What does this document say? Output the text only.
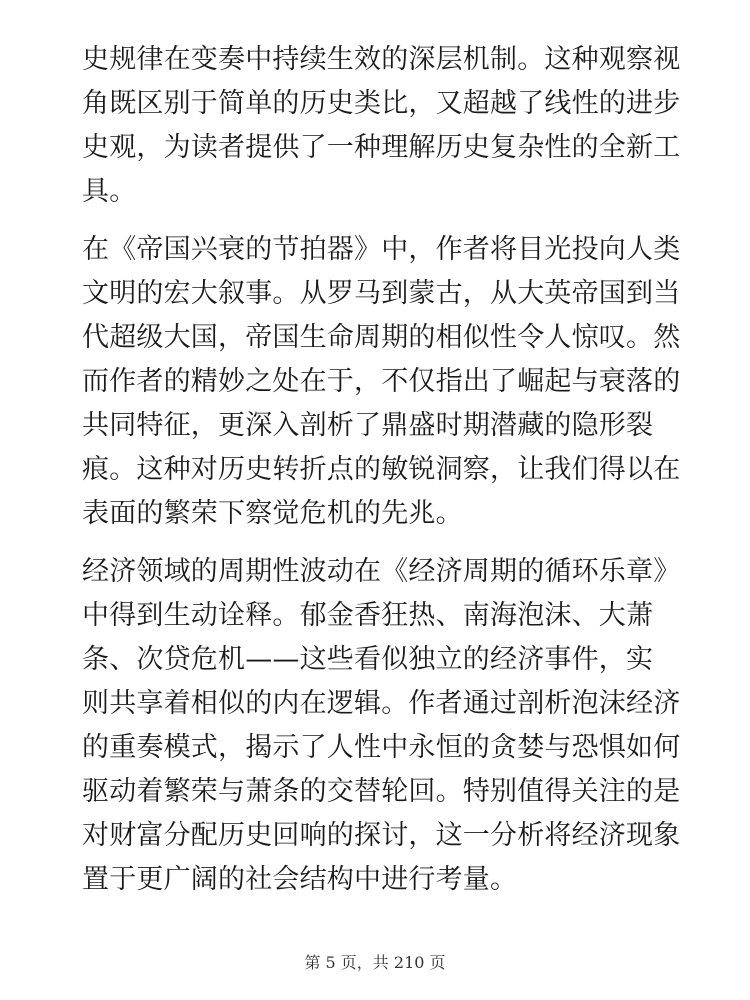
史规律在变奏中持续生效的深层机制。这种观察视
角既区别于简单的历史类比，又超越了线性的进步
史观，为读者提供了一种理解历史复杂性的全新工
具。

在《帝国兴衰的节拍器》中，作者将目光投向人类
文明的宏大叙事。从罗马到蒙古，从大英帝国到当
代超级大国，帝国生命周期的相似性令人惊叹。然
而作者的精妙之处在于，不仅指出了崛起与衰落的
共同特征，更深入剖析了鼎盛时期潜藏的隐形裂
痕。这种对历史转折点的敏锐洞察，让我们得以在
表面的繁荣下察觉危机的先兆。

经济领域的周期性波动在《经济周期的循环乐章》
中得到生动诠释。郁金香狂热、南海泡沫、大萧
条、次贷危机——这些看似独立的经济事件，实
则共享着相似的内在逻辑。作者通过剖析泡沫经济
的重奏模式，揭示了人性中永恒的贪婪与恐惧如何
驱动着繁荣与萧条的交替轮回。特别值得关注的是
对财富分配历史回响的探讨，这一分析将经济现象
置于更广阔的社会结构中进行考量。

第 5 页，共 210 页
